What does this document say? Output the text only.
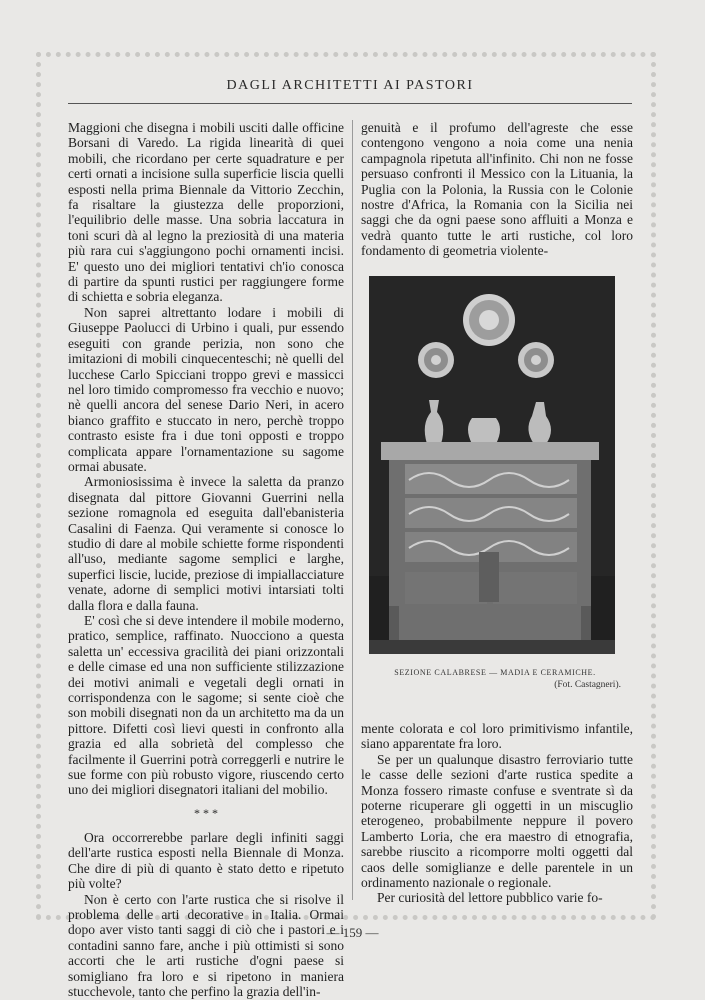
DAGLI ARCHITETTI AI PASTORI

Maggioni che disegna i mobili usciti dalle officine Borsani di Varedo. La rigida linearità di quei mobili, che ricordano per certe squadrature e per certi ornati a incisione sulla superficie liscia quelli esposti nella prima Biennale da Vittorio Zecchin, fa risaltare la giustezza delle proporzioni, l'equilibrio delle masse. Una sobria laccatura in toni scuri dà al legno la preziosità di una materia più rara cui s'aggiungono pochi ornamenti incisi. E' questo uno dei migliori tentativi ch'io conosca di partire da spunti rustici per raggiungere forme di schietta e sobria eleganza.

Non saprei altrettanto lodare i mobili di Giuseppe Paolucci di Urbino i quali, pur essendo eseguiti con grande perizia, non sono che imitazioni di mobili cinquecenteschi; nè quelli del lucchese Carlo Spicciani troppo grevi e massicci nel loro timido compromesso fra vecchio e nuovo; nè quelli ancora del senese Dario Neri, in acero bianco graffito e stuccato in nero, perchè troppo contrasto esiste fra i due toni opposti e troppo complicata appare l'ornamentazione su sagome ormai abusate.

Armoniosissima è invece la saletta da pranzo disegnata dal pittore Giovanni Guerrini nella sezione romagnola ed eseguita dall'ebanisteria Casalini di Faenza. Qui veramente si conosce lo studio di dare al mobile schiette forme rispondenti all'uso, mediante sagome semplici e larghe, superfici liscie, lucide, preziose di impiallacciature venate, adorne di semplici motivi intarsiati tolti dalla flora e dalla fauna.

E' così che si deve intendere il mobile moderno, pratico, semplice, raffinato. Nuocciono a questa saletta un' eccessiva gracilità dei piani orizzontali e delle cimase ed una non sufficiente stilizzazione dei motivi animali e vegetali degli ornati in corrispondenza con le sagome; si sente cioè che son mobili disegnati non da un architetto ma da un pittore. Difetti così lievi questi in confronto alla grazia ed alla sobrietà del complesso che facilmente il Guerrini potrà correggerli e nutrire le sue forme con più robusto vigore, riuscendo certo uno dei migliori disegnatori italiani del mobilio.

* * *

Ora occorrerebbe parlare degli infiniti saggi dell'arte rustica esposti nella Biennale di Monza. Che dire di più di quanto è stato detto e ripetuto più volte?

Non è certo con l'arte rustica che si risolve il problema delle arti decorative in Italia. Ormai dopo aver visto tanti saggi di ciò che i pastori e i contadini sanno fare, anche i più ottimisti si sono accorti che le arti rustiche d'ogni paese si somigliano fra loro e si ripetono in maniera stucchevole, tanto che perfino la grazia dell'in-

genuità e il profumo dell'agreste che esse contengono vengono a noia come una nenia campagnola ripetuta all'infinito. Chi non ne fosse persuaso confronti il Messico con la Lituania, la Puglia con la Polonia, la Russia con le Colonie nostre d'Africa, la Romania con la Sicilia nei saggi che da ogni paese sono affluiti a Monza e vedrà quanto tutte le arti rustiche, col loro fondamento di geometria violente-

SEZIONE CALABRESE — MADIA E CERAMICHE.
(Fot. Castagneri).

mente colorata e col loro primitivismo infantile, siano apparentate fra loro.

Se per un qualunque disastro ferroviario tutte le casse delle sezioni d'arte rustica spedite a Monza fossero rimaste confuse e sventrate sì da poterne ricuperare gli oggetti in un miscuglio eterogeneo, probabilmente neppure il povero Lamberto Loria, che era maestro di etnografia, sarebbe riuscito a ricomporre molti oggetti dal caos delle somiglianze e delle parentele in un ordinamento nazionale o regionale.

Per curiosità del lettore pubblico varie fo-

— 159 —
